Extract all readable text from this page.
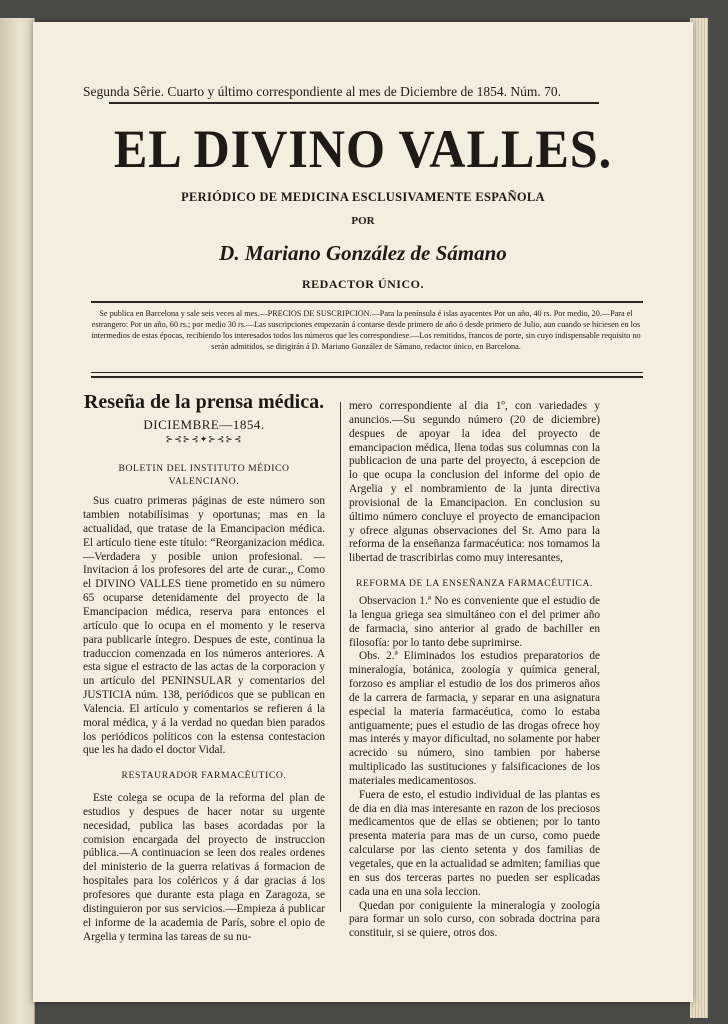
Segunda Sêrie. Cuarto y último correspondiente al mes de Diciembre de 1854. Núm. 70.
EL DIVINO VALLES.
PERIÓDICO DE MEDICINA ESCLUSIVAMENTE ESPAÑOLA
POR
D. Mariano González de Sámano
REDACTOR ÚNICO.
Se publica en Barcelona y sale seis veces al mes.—PRECIOS DE SUSCRIPCION.—Para la península é islas ayacentes Por un año, 40 rs. Por medio, 20.—Para el estrangero: Por un año, 60 rs.; por medio 30 rs.—Las suscripciones empezarán á contarse desde primero de año ó desde primero de Julio, aun cuando se hiciesen en los intermedios de estas épocas, recibiendo los interesados todos los números que les correspondiese.—Los remitidos, francos de porte, sin cuyo indispensable requisito no serán admitidos, se dirigirán á D. Mariano González de Sámano, redactor único, en Barcelona.
Reseña de la prensa médica.
DICIEMBRE—1854.
⊱⊰⊱⊰✦⊱⊰⊱⊰
BOLETIN DEL INSTITUTO MÉDICO VALENCIANO.

Sus cuatro primeras páginas de este número son tambien notabilísimas y oportunas; mas en la actualidad, que tratase de la Emancipacion médica. El artículo tiene este título: “Reorganizacion médica.—Verdadera y posible union profesional. —Invitacion á los profesores del arte de curar.,, Como el DIVINO VALLES tiene prometido en su número 65 ocuparse detenidamente del proyecto de la Emancipacion médica, reserva para entonces el artículo que lo ocupa en el momento y le reserva para publicarle íntegro. Despues de este, continua la traduccion comenzada en los números anteriores. A esta sigue el estracto de las actas de la corporacion y un artículo del PENINSULAR y comentarios del JUSTICIA núm. 138, periódicos que se publican en Valencia. El artículo y comentarios se refieren á la moral médica, y á la verdad no quedan bien parados los periódicos políticos con la estensa contestacion que les ha dado el doctor Vidal.

RESTAURADOR FARMACÉUTICO.

Este colega se ocupa de la reforma del plan de estudios y despues de hacer notar su urgente necesidad, publica las bases acordadas por la comision encargada del proyecto de instruccion pública.—A continuacion se leen dos reales ordenes del ministerio de la guerra relativas á formacion de hospitales para los coléricos y á dar gracias á los profesores que durante esta plaga en Zaragoza, se distinguieron por sus servicios.—Empieza á publicar el informe de la academia de París, sobre el opio de Argelia y termina las tareas de su nu-

mero correspondiente al dia 1º, con variedades y anuncios.—Su segundo número (20 de diciembre) despues de apoyar la idea del proyecto de emancipacion médica, llena todas sus columnas con la publicacion de una parte del proyecto, á escepcion de lo que ocupa la conclusion del informe del opio de Argelia y el nombramiento de la junta directiva provisional de la Emancipacion. En conclusion su último número concluye el proyecto de emancipacion y ofrece algunas observaciones del Sr. Amo para la reforma de la enseñanza farmacéutica: nos tomamos la libertad de trascribirlas como muy interesantes,

REFORMA DE LA ENSEÑANZA FARMACÉUTICA.

Observacion 1.ª No es conveniente que el estudio de la lengua griega sea simultáneo con el del primer año de farmacia, sino anterior al grado de bachiller en filosofía: por lo tanto debe suprimirse.

Obs. 2.ª Eliminados los estudios preparatorios de mineralogía, botánica, zoología y química general, forzoso es ampliar el estudio de los dos primeros años de la carrera de farmacia, y separar en una asignatura especial la materia farmacéutica, como lo estaba antiguamente; pues el estudio de las drogas ofrece hoy mas interés y mayor dificultad, no solamente por haber acrecido su número, sino tambien por haberse multiplicado las sustituciones y falsificaciones de los materiales medicamentosos.

Fuera de esto, el estudio individual de las plantas es de dia en dia mas interesante en razon de los preciosos medicamentos que de ellas se obtienen; por lo tanto presenta materia para mas de un curso, como puede calcularse por las ciento setenta y dos familias de vegetales, que en la actualidad se admiten; familias que en sus dos terceras partes no pueden ser esplicadas cada una en una sola leccion.

Quedan por coniguiente la mineralogía y zoología para formar un solo curso, con sobrada doctrina para constituir, si se quiere, otros dos.
